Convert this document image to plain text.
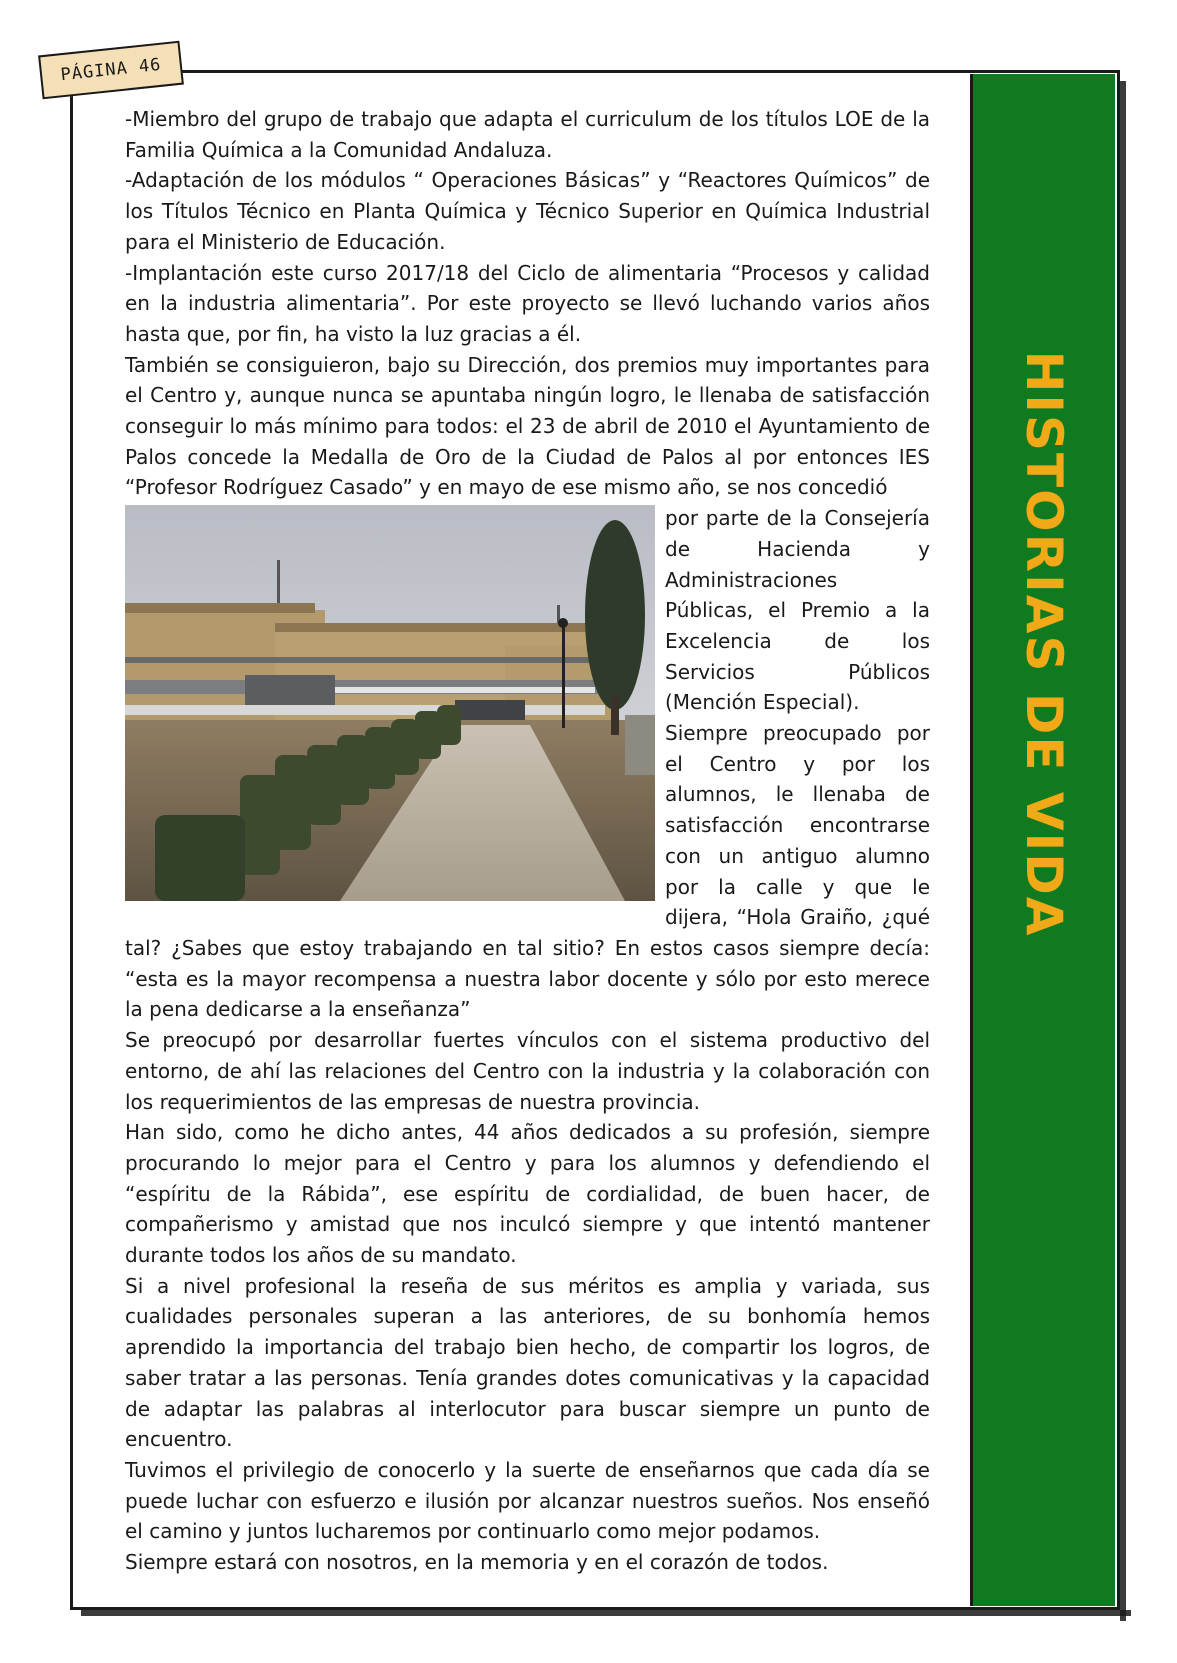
PÁGINA 46
HISTORIAS DE VIDA

-Miembro del grupo de trabajo que adapta el curriculum de los títulos LOE de la Familia Química a la Comunidad Andaluza.

-Adaptación de los módulos “ Operaciones Básicas” y “Reactores Químicos” de los Títulos Técnico en Planta Química y Técnico Superior en Química Industrial para el Ministerio de Educación.

-Implantación este curso 2017/18 del Ciclo de alimentaria “Procesos y calidad en la industria alimentaria”. Por este proyecto se llevó luchando varios años hasta que, por fin, ha visto la luz gracias a él.

También se consiguieron, bajo su Dirección, dos premios muy importantes para el Centro y, aunque nunca se apuntaba ningún logro, le llenaba de satisfacción conseguir lo más mínimo para todos: el 23 de abril de 2010 el Ayuntamiento de Palos concede la Medalla de Oro de la Ciudad de Palos al por entonces IES “Profesor Rodríguez Casado” y en mayo de ese mismo año, se nos concedió

por parte de la Consejería de Hacienda y Administraciones Públicas, el Premio a la Excelencia de los Servicios Públicos (Mención Especial).

Siempre preocupado por el Centro y por los alumnos, le llenaba de satisfacción encontrarse con un antiguo alumno por la calle y que le dijera, “Hola Graiño, ¿qué tal? ¿Sabes que estoy trabajando en tal sitio? En estos casos siempre decía: “esta es la mayor recompensa a nuestra labor docente y sólo por esto merece la pena dedicarse a la enseñanza”

Se preocupó por desarrollar fuertes vínculos con el sistema productivo del entorno, de ahí las relaciones del Centro con la industria y la colaboración con los requerimientos de las empresas de nuestra provincia.

Han sido, como he dicho antes, 44 años dedicados a su profesión, siempre procurando lo mejor para el Centro y para los alumnos y defendiendo el “espíritu de la Rábida”, ese espíritu de cordialidad, de buen hacer, de compañerismo y amistad que nos inculcó siempre y que intentó mantener durante todos los años de su mandato.

Si a nivel profesional la reseña de sus méritos es amplia y variada, sus cualidades personales superan a las anteriores, de su bonhomía hemos aprendido la importancia del trabajo bien hecho, de compartir los logros, de saber tratar a las personas. Tenía grandes dotes comunicativas y la capacidad de adaptar las palabras al interlocutor para buscar siempre un punto de encuentro.

Tuvimos el privilegio de conocerlo y la suerte de enseñarnos que cada día se puede luchar con esfuerzo e ilusión por alcanzar nuestros sueños. Nos enseñó el camino y juntos lucharemos por continuarlo como mejor podamos.

Siempre estará con nosotros, en la memoria y en el corazón de todos.
